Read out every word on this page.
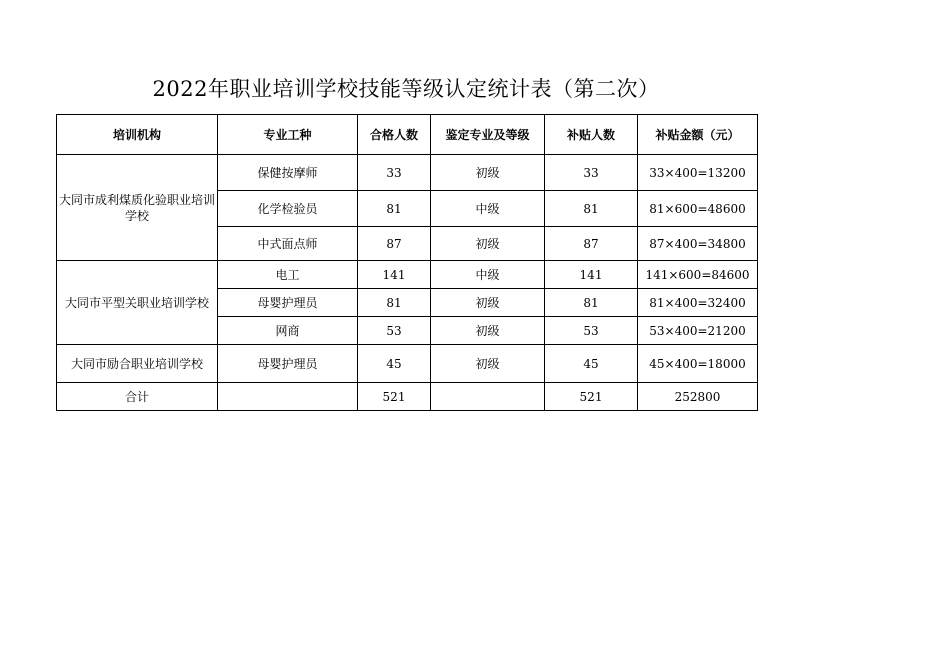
2022年职业培训学校技能等级认定统计表（第二次）
培训机构	专业工种	合格人数	鉴定专业及等级	补贴人数	补贴金额（元）
大同市成利煤质化验职业培训学校	保健按摩师	33	初级	33	33×400=13200
	化学检验员	81	中级	81	81×600=48600
	中式面点师	87	初级	87	87×400=34800
大同市平型关职业培训学校	电工	141	中级	141	141×600=84600
	母婴护理员	81	初级	81	81×400=32400
	网商	53	初级	53	53×400=21200
大同市励合职业培训学校	母婴护理员	45	初级	45	45×400=18000
合计		521		521	252800
